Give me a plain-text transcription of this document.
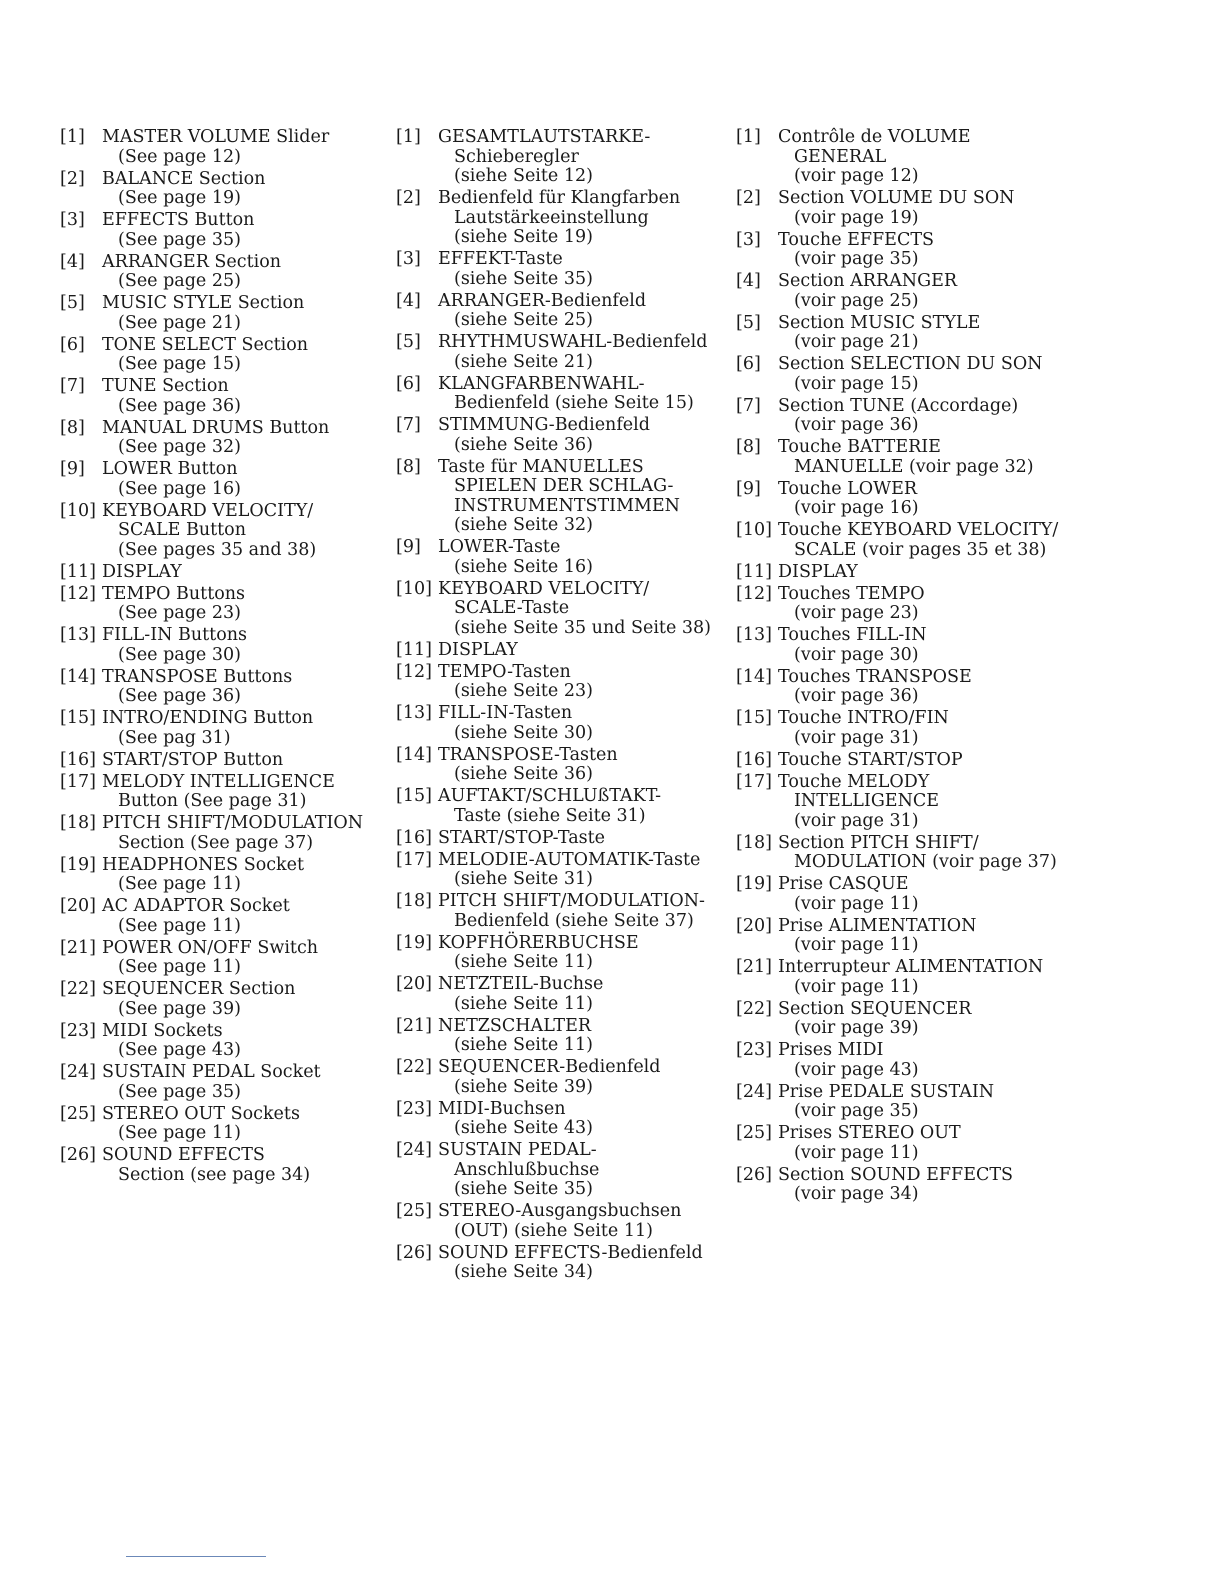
[1] MASTER VOLUME Slider
(See page 12)
[2] BALANCE Section
(See page 19)
[3] EFFECTS Button
(See page 35)
[4] ARRANGER Section
(See page 25)
[5] MUSIC STYLE Section
(See page 21)
[6] TONE SELECT Section
(See page 15)
[7] TUNE Section
(See page 36)
[8] MANUAL DRUMS Button
(See page 32)
[9] LOWER Button
(See page 16)
[10] KEYBOARD VELOCITY/
SCALE Button
(See pages 35 and 38)
[11] DISPLAY
[12] TEMPO Buttons
(See page 23)
[13] FILL-IN Buttons
(See page 30)
[14] TRANSPOSE Buttons
(See page 36)
[15] INTRO/ENDING Button
(See pag 31)
[16] START/STOP Button
[17] MELODY INTELLIGENCE
Button (See page 31)
[18] PITCH SHIFT/MODULATION
Section (See page 37)
[19] HEADPHONES Socket
(See page 11)
[20] AC ADAPTOR Socket
(See page 11)
[21] POWER ON/OFF Switch
(See page 11)
[22] SEQUENCER Section
(See page 39)
[23] MIDI Sockets
(See page 43)
[24] SUSTAIN PEDAL Socket
(See page 35)
[25] STEREO OUT Sockets
(See page 11)
[26] SOUND EFFECTS
Section (see page 34)
[1] GESAMTLAUTSTARKE-
Schieberegler
(siehe Seite 12)
[2] Bedienfeld für Klangfarben
Lautstärkeeinstellung
(siehe Seite 19)
[3] EFFEKT-Taste
(siehe Seite 35)
[4] ARRANGER-Bedienfeld
(siehe Seite 25)
[5] RHYTHMUSWAHL-Bedienfeld
(siehe Seite 21)
[6] KLANGFARBENWAHL-
Bedienfeld (siehe Seite 15)
[7] STIMMUNG-Bedienfeld
(siehe Seite 36)
[8] Taste für MANUELLES
SPIELEN DER SCHLAG-
INSTRUMENTSTIMMEN
(siehe Seite 32)
[9] LOWER-Taste
(siehe Seite 16)
[10] KEYBOARD VELOCITY/
SCALE-Taste
(siehe Seite 35 und Seite 38)
[11] DISPLAY
[12] TEMPO-Tasten
(siehe Seite 23)
[13] FILL-IN-Tasten
(siehe Seite 30)
[14] TRANSPOSE-Tasten
(siehe Seite 36)
[15] AUFTAKT/SCHLUßTAKT-
Taste (siehe Seite 31)
[16] START/STOP-Taste
[17] MELODIE-AUTOMATIK-Taste
(siehe Seite 31)
[18] PITCH SHIFT/MODULATION-
Bedienfeld (siehe Seite 37)
[19] KOPFHÖRERBUCHSE
(siehe Seite 11)
[20] NETZTEIL-Buchse
(siehe Seite 11)
[21] NETZSCHALTER
(siehe Seite 11)
[22] SEQUENCER-Bedienfeld
(siehe Seite 39)
[23] MIDI-Buchsen
(siehe Seite 43)
[24] SUSTAIN PEDAL-
Anschlußbuchse
(siehe Seite 35)
[25] STEREO-Ausgangsbuchsen
(OUT) (siehe Seite 11)
[26] SOUND EFFECTS-Bedienfeld
(siehe Seite 34)
[1] Contrôle de VOLUME
GENERAL
(voir page 12)
[2] Section VOLUME DU SON
(voir page 19)
[3] Touche EFFECTS
(voir page 35)
[4] Section ARRANGER
(voir page 25)
[5] Section MUSIC STYLE
(voir page 21)
[6] Section SELECTION DU SON
(voir page 15)
[7] Section TUNE (Accordage)
(voir page 36)
[8] Touche BATTERIE
MANUELLE (voir page 32)
[9] Touche LOWER
(voir page 16)
[10] Touche KEYBOARD VELOCITY/
SCALE (voir pages 35 et 38)
[11] DISPLAY
[12] Touches TEMPO
(voir page 23)
[13] Touches FILL-IN
(voir page 30)
[14] Touches TRANSPOSE
(voir page 36)
[15] Touche INTRO/FIN
(voir page 31)
[16] Touche START/STOP
[17] Touche MELODY
INTELLIGENCE
(voir page 31)
[18] Section PITCH SHIFT/
MODULATION (voir page 37)
[19] Prise CASQUE
(voir page 11)
[20] Prise ALIMENTATION
(voir page 11)
[21] Interrupteur ALIMENTATION
(voir page 11)
[22] Section SEQUENCER
(voir page 39)
[23] Prises MIDI
(voir page 43)
[24] Prise PEDALE SUSTAIN
(voir page 35)
[25] Prises STEREO OUT
(voir page 11)
[26] Section SOUND EFFECTS
(voir page 34)
